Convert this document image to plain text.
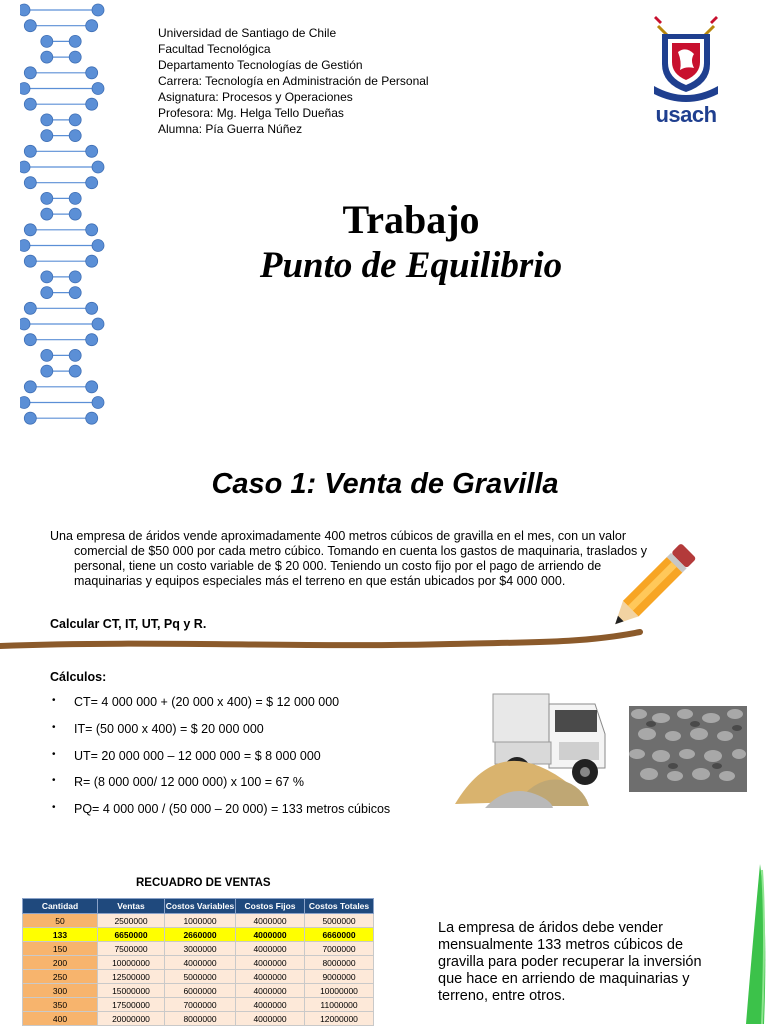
Universidad de Santiago de Chile
Facultad Tecnológica
Departamento Tecnologías de Gestión
Carrera: Tecnología en Administración de Personal
Asignatura: Procesos y Operaciones
Profesora: Mg. Helga Tello Dueñas
Alumna: Pía Guerra Núñez
usach
Trabajo
Punto de Equilibrio
Caso 1: Venta de Gravilla

Una empresa de áridos vende aproximadamente 400 metros cúbicos de gravilla en el mes, con un valor comercial de $50 000 por cada metro cúbico. Tomando en cuenta los gastos de maquinaria, traslados y personal, tiene un costo variable de $ 20 000. Teniendo un costo fijo por el pago de arriendo de maquinarias y equipos especiales más el terreno en que están ubicados por $4 000 000.

Calcular CT, IT, UT, Pq y R.
Cálculos:
• CT= 4 000 000 + (20 000 x 400) = $ 12 000 000
• IT= (50 000 x 400) = $ 20 000 000
• UT= 20 000 000 – 12 000 000 = $ 8 000 000
• R= (8 000 000/ 12 000 000) x 100 = 67 %
• PQ= 4 000 000 / (50 000 – 20 000) = 133 metros cúbicos
RECUADRO DE VENTAS
Cantidad	Ventas	Costos Variables	Costos Fijos	Costos Totales
50	2500000	1000000	4000000	5000000
133	6650000	2660000	4000000	6660000
150	7500000	3000000	4000000	7000000
200	10000000	4000000	4000000	8000000
250	12500000	5000000	4000000	9000000
300	15000000	6000000	4000000	10000000
350	17500000	7000000	4000000	11000000
400	20000000	8000000	4000000	12000000
La empresa de áridos debe vender mensualmente 133 metros cúbicos de gravilla para poder recuperar la inversión que hace en arriendo de maquinarias y terreno, entre otros.
